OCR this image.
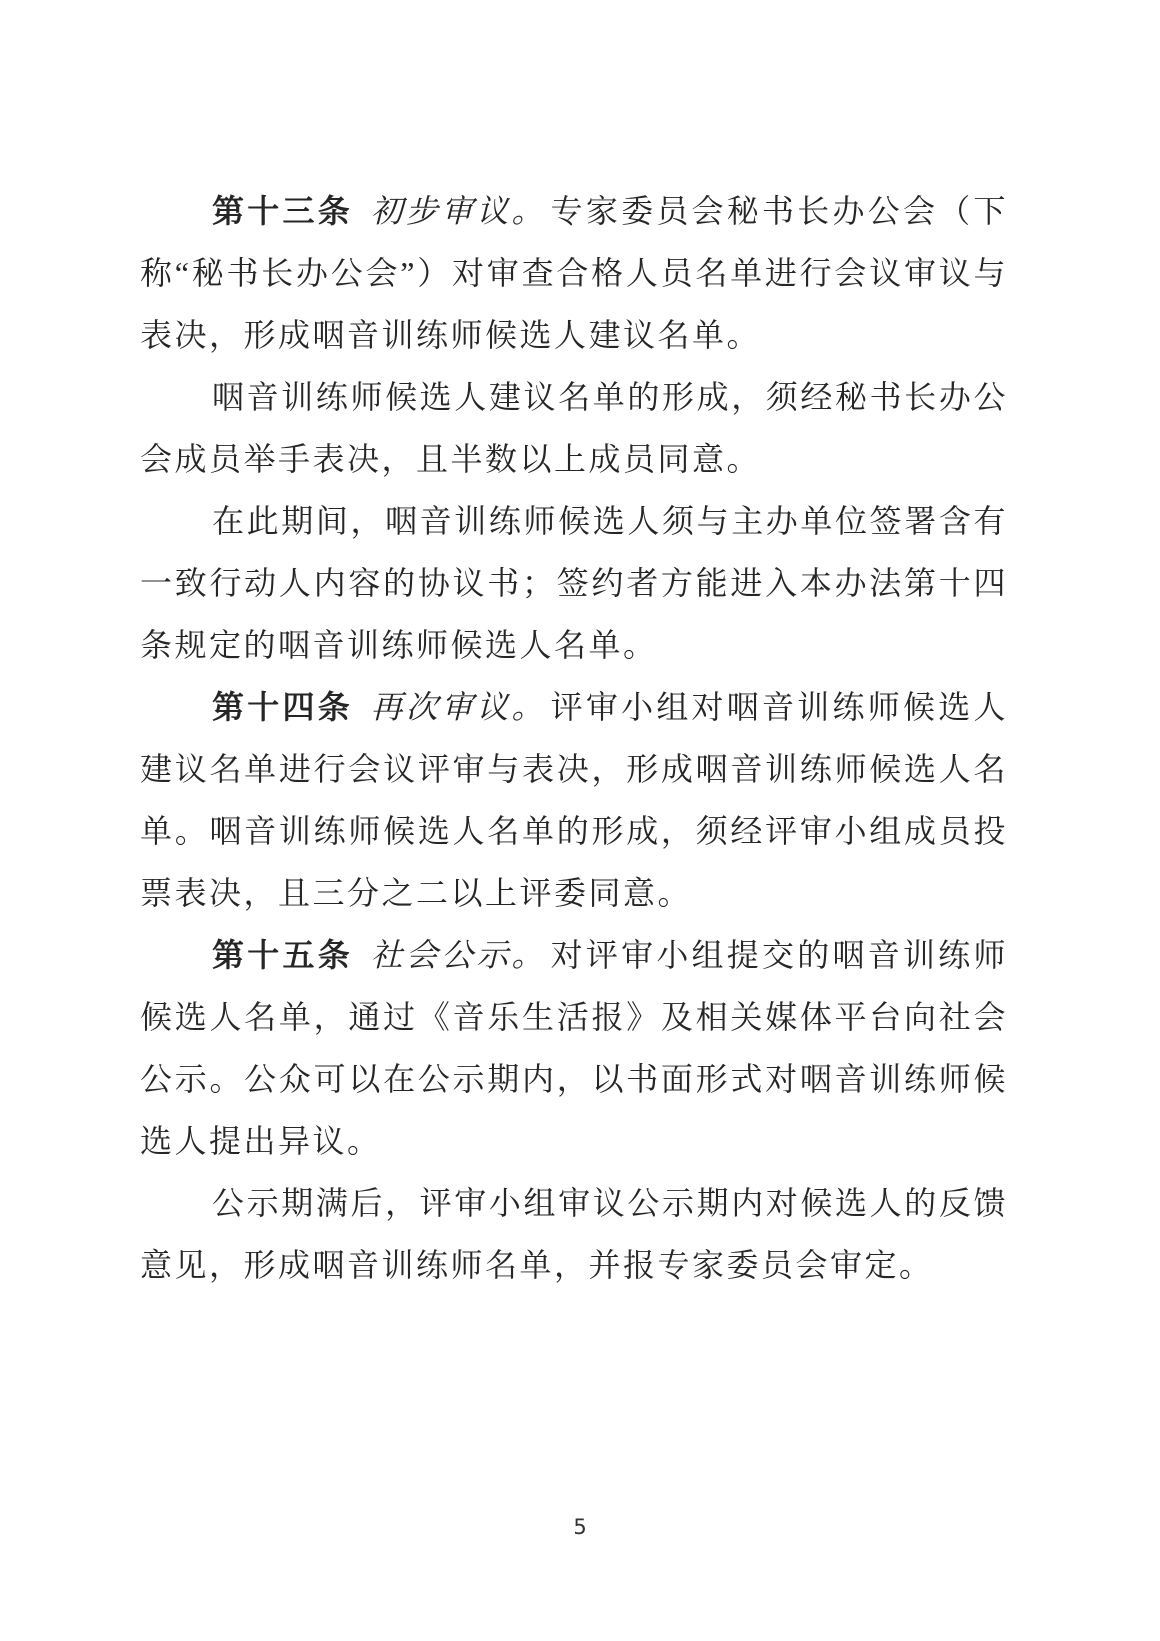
第十三条 初步审议。 专家委员会秘书长办公会（下称“秘书长办公会”）对审查合格人员名单进行会议审议与表决，形成咽音训练师候选人建议名单。

咽音训练师候选人建议名单的形成，须经秘书长办公会成员举手表决，且半数以上成员同意。

在此期间，咽音训练师候选人须与主办单位签署含有一致行动人内容的协议书；签约者方能进入本办法第十四条规定的咽音训练师候选人名单。

第十四条 再次审议。 评审小组对咽音训练师候选人建议名单进行会议评审与表决，形成咽音训练师候选人名单。咽音训练师候选人名单的形成，须经评审小组成员投票表决，且三分之二以上评委同意。

第十五条 社会公示。 对评审小组提交的咽音训练师候选人名单，通过《音乐生活报》及相关媒体平台向社会公示。公众可以在公示期内，以书面形式对咽音训练师候选人提出异议。

公示期满后，评审小组审议公示期内对候选人的反馈意见，形成咽音训练师名单，并报专家委员会审定。

5
